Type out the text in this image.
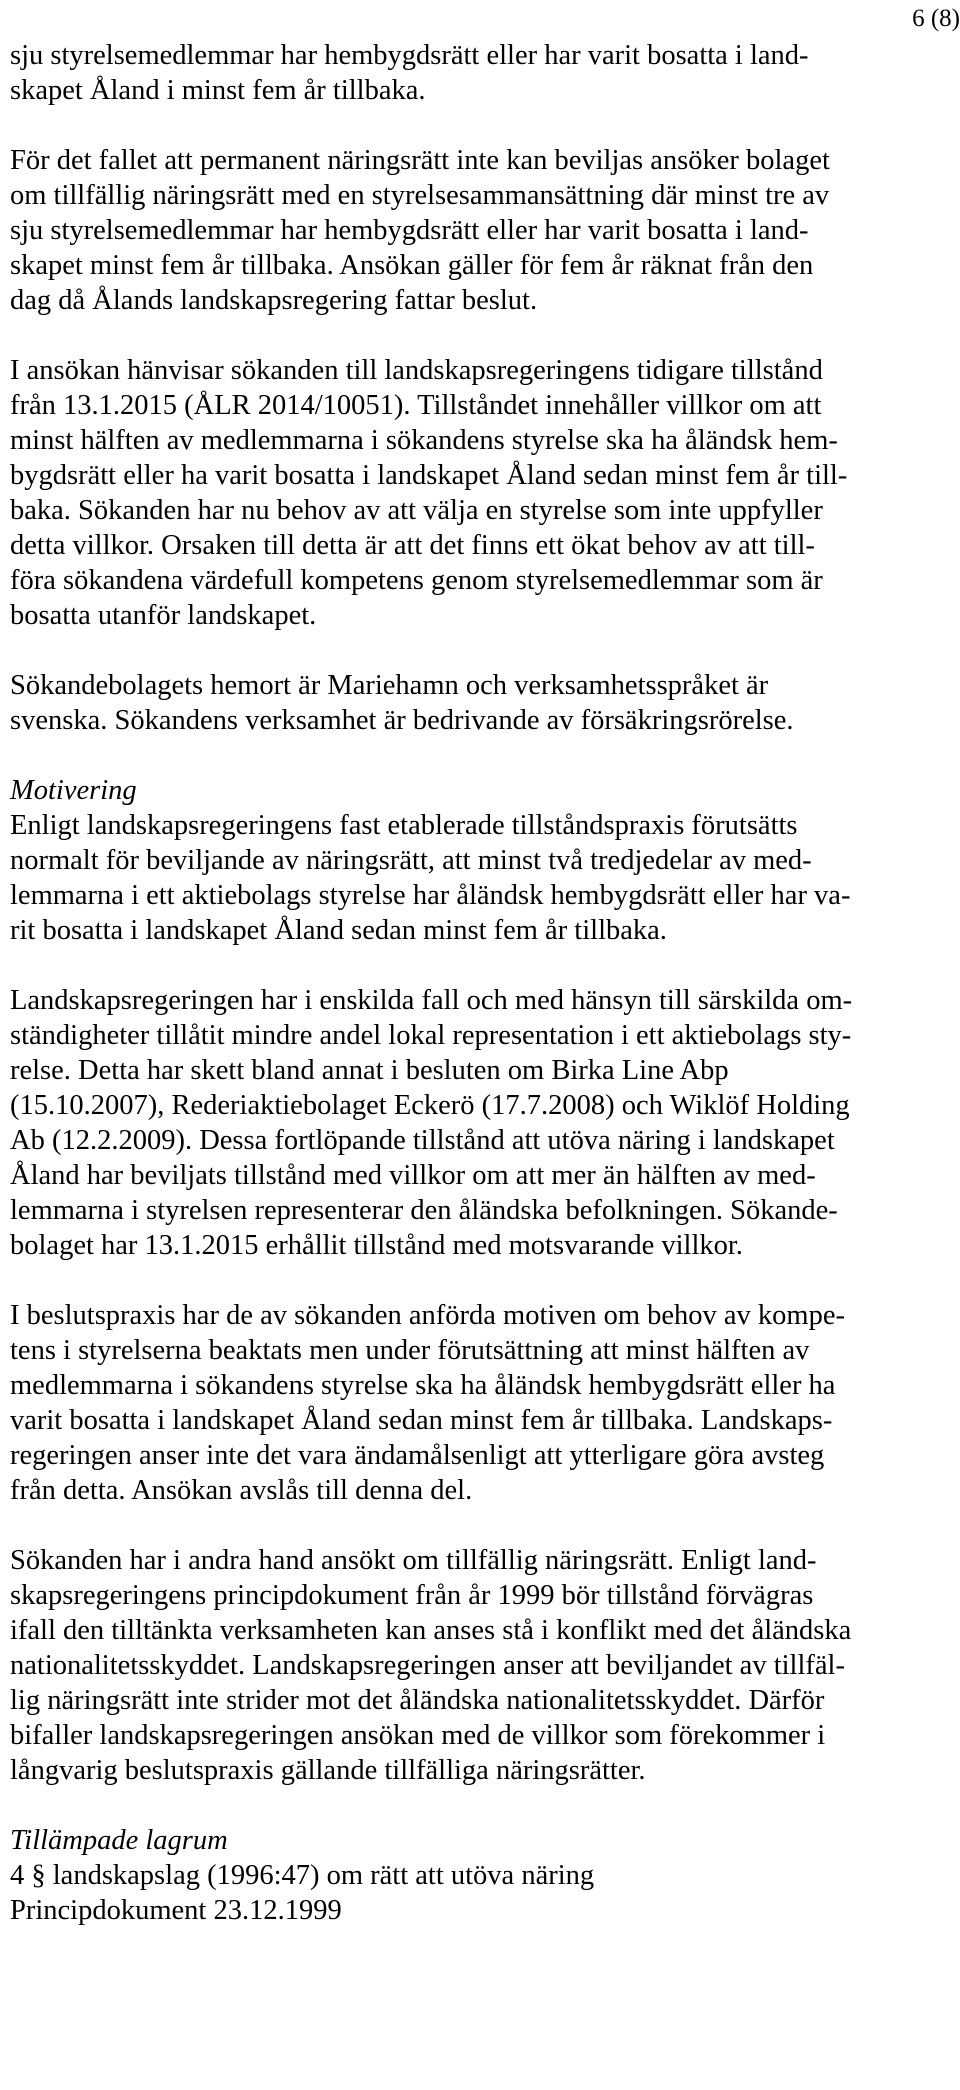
6 (8)
sju styrelsemedlemmar har hembygdsrätt eller har varit bosatta i land-
skapet Åland i minst fem år tillbaka.
För det fallet att permanent näringsrätt inte kan beviljas ansöker bolaget
om tillfällig näringsrätt med en styrelsesammansättning där minst tre av
sju styrelsemedlemmar har hembygdsrätt eller har varit bosatta i land-
skapet minst fem år tillbaka. Ansökan gäller för fem år räknat från den
dag då Ålands landskapsregering fattar beslut.
I ansökan hänvisar sökanden till landskapsregeringens tidigare tillstånd
från 13.1.2015 (ÅLR 2014/10051). Tillståndet innehåller villkor om att
minst hälften av medlemmarna i sökandens styrelse ska ha åländsk hem-
bygdsrätt eller ha varit bosatta i landskapet Åland sedan minst fem år till-
baka. Sökanden har nu behov av att välja en styrelse som inte uppfyller
detta villkor. Orsaken till detta är att det finns ett ökat behov av att till-
föra sökandena värdefull kompetens genom styrelsemedlemmar som är
bosatta utanför landskapet.
Sökandebolagets hemort är Mariehamn och verksamhetsspråket är
svenska. Sökandens verksamhet är bedrivande av försäkringsrörelse.
Motivering
Enligt landskapsregeringens fast etablerade tillståndspraxis förutsätts
normalt för beviljande av näringsrätt, att minst två tredjedelar av med-
lemmarna i ett aktiebolags styrelse har åländsk hembygdsrätt eller har va-
rit bosatta i landskapet Åland sedan minst fem år tillbaka.
Landskapsregeringen har i enskilda fall och med hänsyn till särskilda om-
ständigheter tillåtit mindre andel lokal representation i ett aktiebolags sty-
relse. Detta har skett bland annat i besluten om Birka Line Abp
(15.10.2007), Rederiaktiebolaget Eckerö (17.7.2008) och Wiklöf Holding
Ab (12.2.2009). Dessa fortlöpande tillstånd att utöva näring i landskapet
Åland har beviljats tillstånd med villkor om att mer än hälften av med-
lemmarna i styrelsen representerar den åländska befolkningen. Sökande-
bolaget har 13.1.2015 erhållit tillstånd med motsvarande villkor.
I beslutspraxis har de av sökanden anförda motiven om behov av kompe-
tens i styrelserna beaktats men under förutsättning att minst hälften av
medlemmarna i sökandens styrelse ska ha åländsk hembygdsrätt eller ha
varit bosatta i landskapet Åland sedan minst fem år tillbaka. Landskaps-
regeringen anser inte det vara ändamålsenligt att ytterligare göra avsteg
från detta. Ansökan avslås till denna del.
Sökanden har i andra hand ansökt om tillfällig näringsrätt. Enligt land-
skapsregeringens principdokument från år 1999 bör tillstånd förvägras
ifall den tilltänkta verksamheten kan anses stå i konflikt med det åländska
nationalitetsskyddet. Landskapsregeringen anser att beviljandet av tillfäl-
lig näringsrätt inte strider mot det åländska nationalitetsskyddet. Därför
bifaller landskapsregeringen ansökan med de villkor som förekommer i
långvarig beslutspraxis gällande tillfälliga näringsrätter.
Tillämpade lagrum
4 § landskapslag (1996:47) om rätt att utöva näring
Principdokument 23.12.1999
